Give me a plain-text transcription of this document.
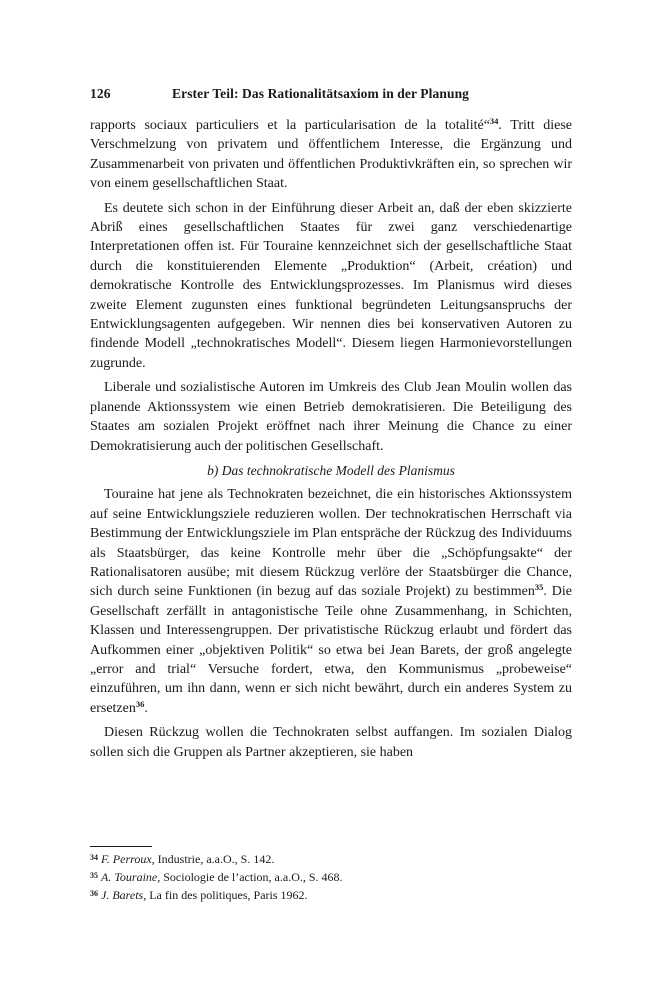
126	Erster Teil: Das Rationalitätsaxiom in der Planung

rapports sociaux particuliers et la particularisation de la totalité“$^{34}$. Tritt diese Verschmelzung von privatem und öffentlichem Interesse, die Ergänzung und Zusammenarbeit von privaten und öffentlichen Produktivkräften ein, so sprechen wir von einem gesellschaftlichen Staat.

Es deutete sich schon in der Einführung dieser Arbeit an, daß der eben skizzierte Abriß eines gesellschaftlichen Staates für zwei ganz verschiedenartige Interpretationen offen ist. Für Touraine kennzeichnet sich der gesellschaftliche Staat durch die konstituierenden Elemente „Produktion“ (Arbeit, création) und demokratische Kontrolle des Entwicklungsprozesses. Im Planismus wird dieses zweite Element zugunsten eines funktional begründeten Leitungsanspruchs der Entwicklungsagenten aufgegeben. Wir nennen dies bei konservativen Autoren zu findende Modell „technokratisches Modell“. Diesem liegen Harmonievorstellungen zugrunde.

Liberale und sozialistische Autoren im Umkreis des Club Jean Moulin wollen das planende Aktionssystem wie einen Betrieb demokratisieren. Die Beteiligung des Staates am sozialen Projekt eröffnet nach ihrer Meinung die Chance zu einer Demokratisierung auch der politischen Gesellschaft.

b) Das technokratische Modell des Planismus

Touraine hat jene als Technokraten bezeichnet, die ein historisches Aktionssystem auf seine Entwicklungsziele reduzieren wollen. Der technokratischen Herrschaft via Bestimmung der Entwicklungsziele im Plan entspräche der Rückzug des Individuums als Staatsbürger, das keine Kontrolle mehr über die „Schöpfungsakte“ der Rationalisatoren ausübe; mit diesem Rückzug verlöre der Staatsbürger die Chance, sich durch seine Funktionen (in bezug auf das soziale Projekt) zu bestimmen$^{35}$. Die Gesellschaft zerfällt in antagonistische Teile ohne Zusammenhang, in Schichten, Klassen und Interessengruppen. Der privatistische Rückzug erlaubt und fördert das Aufkommen einer „objektiven Politik“ so etwa bei Jean Barets, der groß angelegte „error and trial“ Versuche fordert, etwa, den Kommunismus „probeweise“ einzuführen, um ihn dann, wenn er sich nicht bewährt, durch ein anderes System zu ersetzen$^{36}$.

Diesen Rückzug wollen die Technokraten selbst auffangen. Im sozialen Dialog sollen sich die Gruppen als Partner akzeptieren, sie haben

$^{34}$ F. Perroux, Industrie, a.a.O., S. 142.
$^{35}$ A. Touraine, Sociologie de l’action, a.a.O., S. 468.
$^{36}$ J. Barets, La fin des politiques, Paris 1962.
